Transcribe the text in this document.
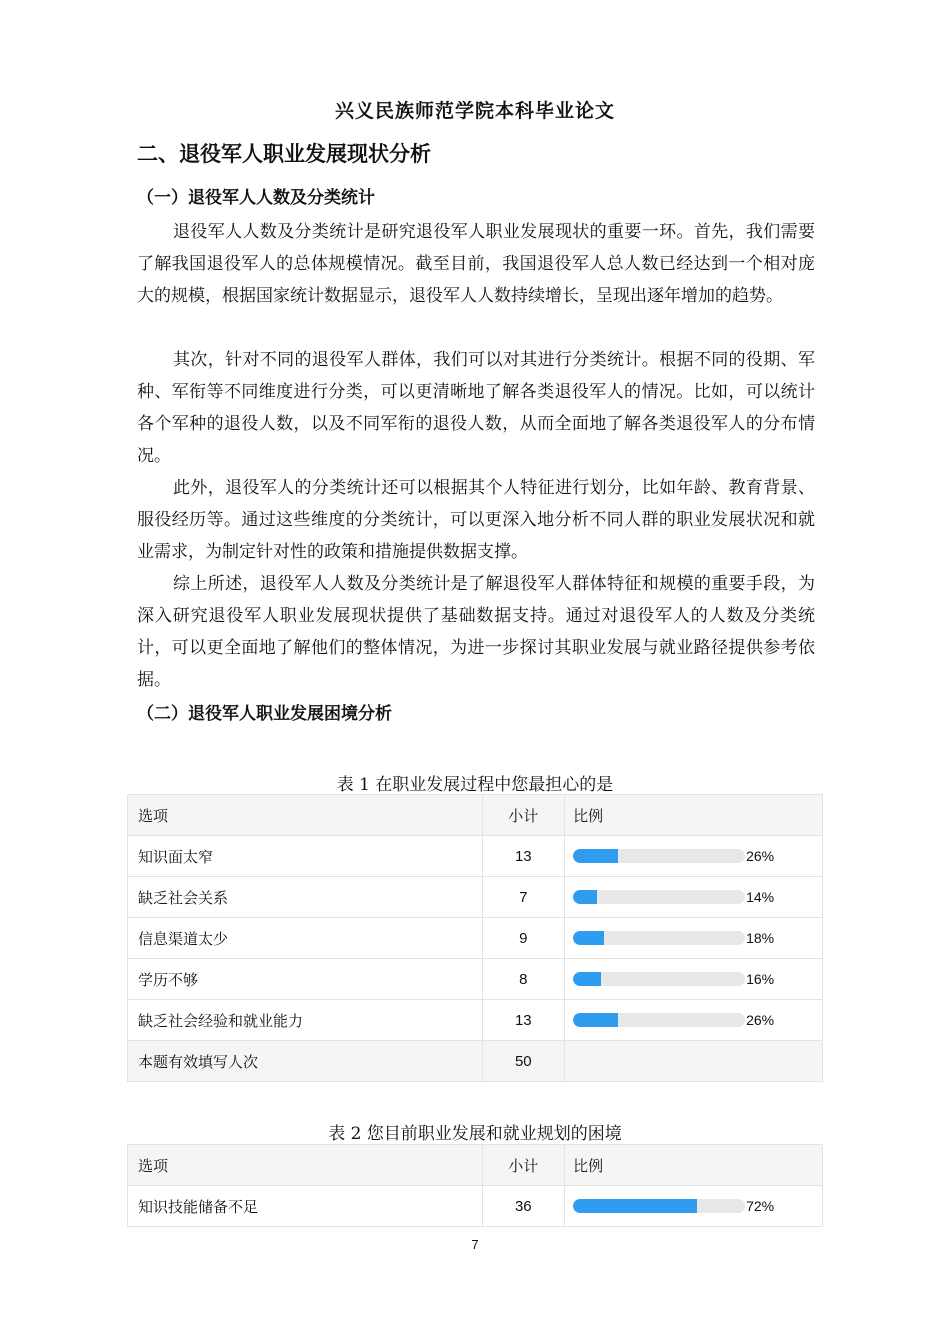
兴义民族师范学院本科毕业论文
二、退役军人职业发展现状分析
（一）退役军人人数及分类统计

退役军人人数及分类统计是研究退役军人职业发展现状的重要一环。首先，我们需要了解我国退役军人的总体规模情况。截至目前，我国退役军人总人数已经达到一个相对庞大的规模，根据国家统计数据显示，退役军人人数持续增长，呈现出逐年增加的趋势。

其次，针对不同的退役军人群体，我们可以对其进行分类统计。根据不同的役期、军种、军衔等不同维度进行分类，可以更清晰地了解各类退役军人的情况。比如，可以统计各个军种的退役人数，以及不同军衔的退役人数，从而全面地了解各类退役军人的分布情况。

此外，退役军人的分类统计还可以根据其个人特征进行划分，比如年龄、教育背景、服役经历等。通过这些维度的分类统计，可以更深入地分析不同人群的职业发展状况和就业需求，为制定针对性的政策和措施提供数据支撑。

综上所述，退役军人人数及分类统计是了解退役军人群体特征和规模的重要手段，为深入研究退役军人职业发展现状提供了基础数据支持。通过对退役军人的人数及分类统计，可以更全面地了解他们的整体情况，为进一步探讨其职业发展与就业路径提供参考依据。

（二）退役军人职业发展困境分析
表 1 在职业发展过程中您最担心的是
选项	小计	比例
知识面太窄	13	26%

缺乏社会关系	7	14%

信息渠道太少	9	18%

学历不够	8	16%

缺乏社会经验和就业能力	13	26%

本题有效填写人次	50	
表 2 您目前职业发展和就业规划的困境
选项	小计	比例
知识技能储备不足	36	72%
7
